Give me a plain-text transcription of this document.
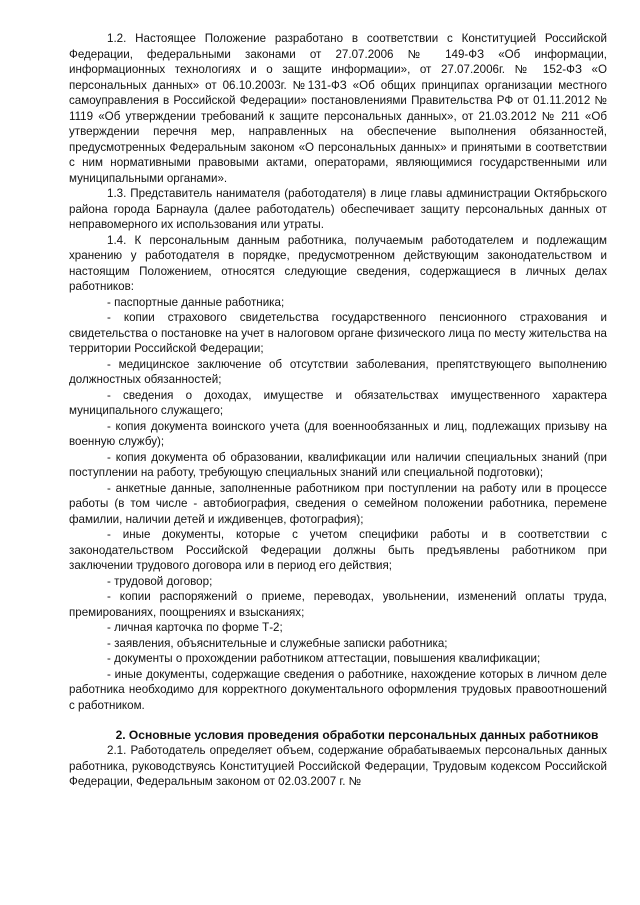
1.2. Настоящее Положение разработано в соответствии с Конституцией Российской Федерации, федеральными законами от 27.07.2006 № 149-ФЗ «Об информации, информационных технологиях и о защите информации», от 27.07.2006г. № 152-ФЗ «О персональных данных» от 06.10.2003г. №131-ФЗ «Об общих принципах организации местного самоуправления в Российской Федерации» постановлениями Правительства РФ от 01.11.2012 № 1119 «Об утверждении требований к защите персональных данных», от 21.03.2012 № 211 «Об утверждении перечня мер, направленных на обеспечение выполнения обязанностей, предусмотренных Федеральным законом «О персональных данных» и принятыми в соответствии с ним нормативными правовыми актами, операторами, являющимися государственными или муниципальными органами».

1.3. Представитель нанимателя (работодателя) в лице главы администрации Октябрьского района города Барнаула (далее работодатель) обеспечивает защиту персональных данных от неправомерного их использования или утраты.

1.4. К персональным данным работника, получаемым работодателем и подлежащим хранению у работодателя в порядке, предусмотренном действующим законодательством и настоящим Положением, относятся следующие сведения, содержащиеся в личных делах работников:

- паспортные данные работника;

- копии страхового свидетельства государственного пенсионного страхования и свидетельства о постановке на учет в налоговом органе физического лица по месту жительства на территории Российской Федерации;

- медицинское заключение об отсутствии заболевания, препятствующего выполнению должностных обязанностей;

- сведения о доходах, имуществе и обязательствах имущественного характера муниципального служащего;

- копия документа воинского учета (для военнообязанных и лиц, подлежащих призыву на военную службу);

- копия документа об образовании, квалификации или наличии специальных знаний (при поступлении на работу, требующую специальных знаний или специальной подготовки);

- анкетные данные, заполненные работником при поступлении на работу или в процессе работы (в том числе - автобиография, сведения о семейном положении работника, перемене фамилии, наличии детей и иждивенцев, фотография);

- иные документы, которые с учетом специфики работы и в соответствии с законодательством Российской Федерации должны быть предъявлены работником при заключении трудового договора или в период его действия;

- трудовой договор;

- копии распоряжений о приеме, переводах, увольнении, изменений оплаты труда, премированиях, поощрениях и взысканиях;

- личная карточка по форме Т-2;

- заявления, объяснительные и служебные записки работника;

- документы о прохождении работником аттестации, повышения квалификации;

- иные документы, содержащие сведения о работнике, нахождение которых в личном деле работника необходимо для корректного документального оформления трудовых правоотношений с работником.

2. Основные условия проведения обработки персональных данных работников

2.1. Работодатель определяет объем, содержание обрабатываемых персональных данных работника, руководствуясь Конституцией Российской Федерации, Трудовым кодексом Российской Федерации, Федеральным законом от 02.03.2007 г. №
